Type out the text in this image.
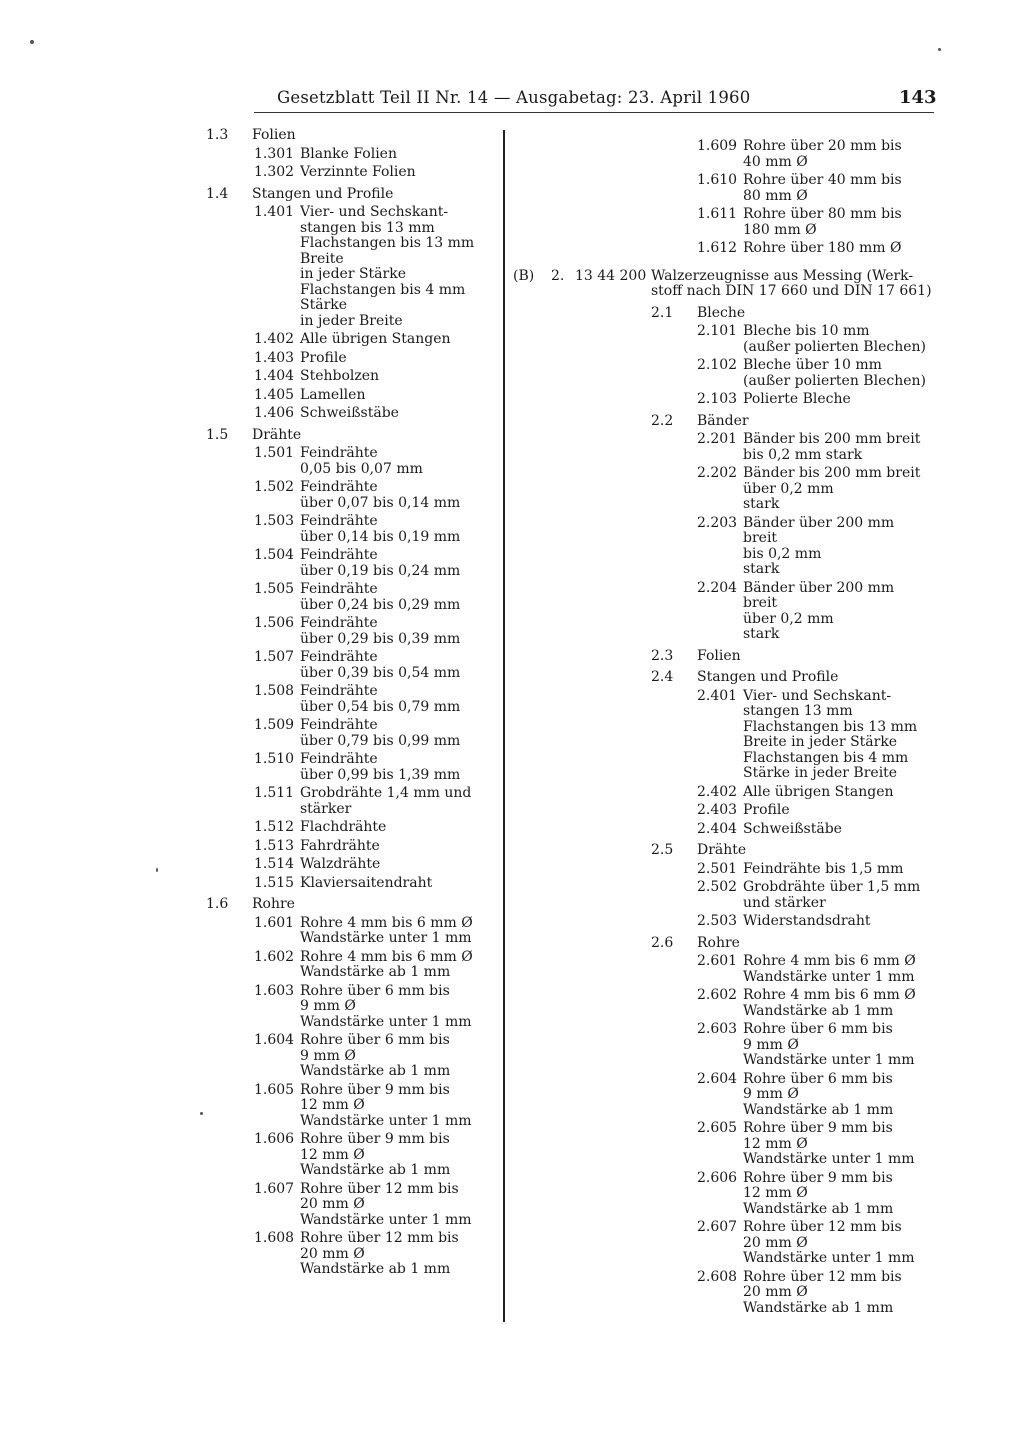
Gesetzblatt Teil II Nr. 14 — Ausgabetag: 23. April 1960	143
1.3	Folien
1.301 Blanke Folien
1.302 Verzinnte Folien
1.4	Stangen und Profile
1.401 Vier- und Sechskant-
stangen bis 13 mm
Flachstangen bis 13 mm
Breite
in jeder Stärke
Flachstangen bis 4 mm
Stärke
in jeder Breite
1.402 Alle übrigen Stangen
1.403 Profile
1.404 Stehbolzen
1.405 Lamellen
1.406 Schweißstäbe
1.5	Drähte
1.501 Feindrähte
0,05 bis 0,07 mm
1.502 Feindrähte
über 0,07 bis 0,14 mm
1.503 Feindrähte
über 0,14 bis 0,19 mm
1.504 Feindrähte
über 0,19 bis 0,24 mm
1.505 Feindrähte
über 0,24 bis 0,29 mm
1.506 Feindrähte
über 0,29 bis 0,39 mm
1.507 Feindrähte
über 0,39 bis 0,54 mm
1.508 Feindrähte
über 0,54 bis 0,79 mm
1.509 Feindrähte
über 0,79 bis 0,99 mm
1.510 Feindrähte
über 0,99 bis 1,39 mm
1.511 Grobdrähte 1,4 mm und
stärker
1.512 Flachdrähte
1.513 Fahrdrähte
1.514 Walzdrähte
1.515 Klaviersaitendraht
1.6	Rohre
1.601 Rohre 4 mm bis 6 mm Ø
Wandstärke unter 1 mm
1.602 Rohre 4 mm bis 6 mm Ø
Wandstärke ab 1 mm
1.603 Rohre über 6 mm bis
9 mm Ø
Wandstärke unter 1 mm
1.604 Rohre über 6 mm bis
9 mm Ø
Wandstärke ab 1 mm
1.605 Rohre über 9 mm bis
12 mm Ø
Wandstärke unter 1 mm
1.606 Rohre über 9 mm bis
12 mm Ø
Wandstärke ab 1 mm
1.607 Rohre über 12 mm bis
20 mm Ø
Wandstärke unter 1 mm
1.608 Rohre über 12 mm bis
20 mm Ø
Wandstärke ab 1 mm
1.609 Rohre über 20 mm bis
40 mm Ø
1.610 Rohre über 40 mm bis
80 mm Ø
1.611 Rohre über 80 mm bis
180 mm Ø
1.612 Rohre über 180 mm Ø
(B)	2. 13 44 200 Walzerzeugnisse aus Messing (Werk-
stoff nach DIN 17 660 und DIN 17 661)
2.1	Bleche
2.101 Bleche bis 10 mm
(außer polierten Blechen)
2.102 Bleche über 10 mm
(außer polierten Blechen)
2.103 Polierte Bleche
2.2	Bänder
2.201 Bänder bis 200 mm breit
bis 0,2 mm stark
2.202 Bänder bis 200 mm breit
über 0,2 mm
stark
2.203 Bänder über 200 mm
breit
bis 0,2 mm
stark
2.204 Bänder über 200 mm
breit
über 0,2 mm
stark
2.3	Folien
2.4	Stangen und Profile
2.401 Vier- und Sechskant-
stangen 13 mm
Flachstangen bis 13 mm
Breite in jeder Stärke
Flachstangen bis 4 mm
Stärke in jeder Breite
2.402 Alle übrigen Stangen
2.403 Profile
2.404 Schweißstäbe
2.5	Drähte
2.501 Feindrähte bis 1,5 mm
2.502 Grobdrähte über 1,5 mm
und stärker
2.503 Widerstandsdraht
2.6	Rohre
2.601 Rohre 4 mm bis 6 mm Ø
Wandstärke unter 1 mm
2.602 Rohre 4 mm bis 6 mm Ø
Wandstärke ab 1 mm
2.603 Rohre über 6 mm bis
9 mm Ø
Wandstärke unter 1 mm
2.604 Rohre über 6 mm bis
9 mm Ø
Wandstärke ab 1 mm
2.605 Rohre über 9 mm bis
12 mm Ø
Wandstärke unter 1 mm
2.606 Rohre über 9 mm bis
12 mm Ø
Wandstärke ab 1 mm
2.607 Rohre über 12 mm bis
20 mm Ø
Wandstärke unter 1 mm
2.608 Rohre über 12 mm bis
20 mm Ø
Wandstärke ab 1 mm
